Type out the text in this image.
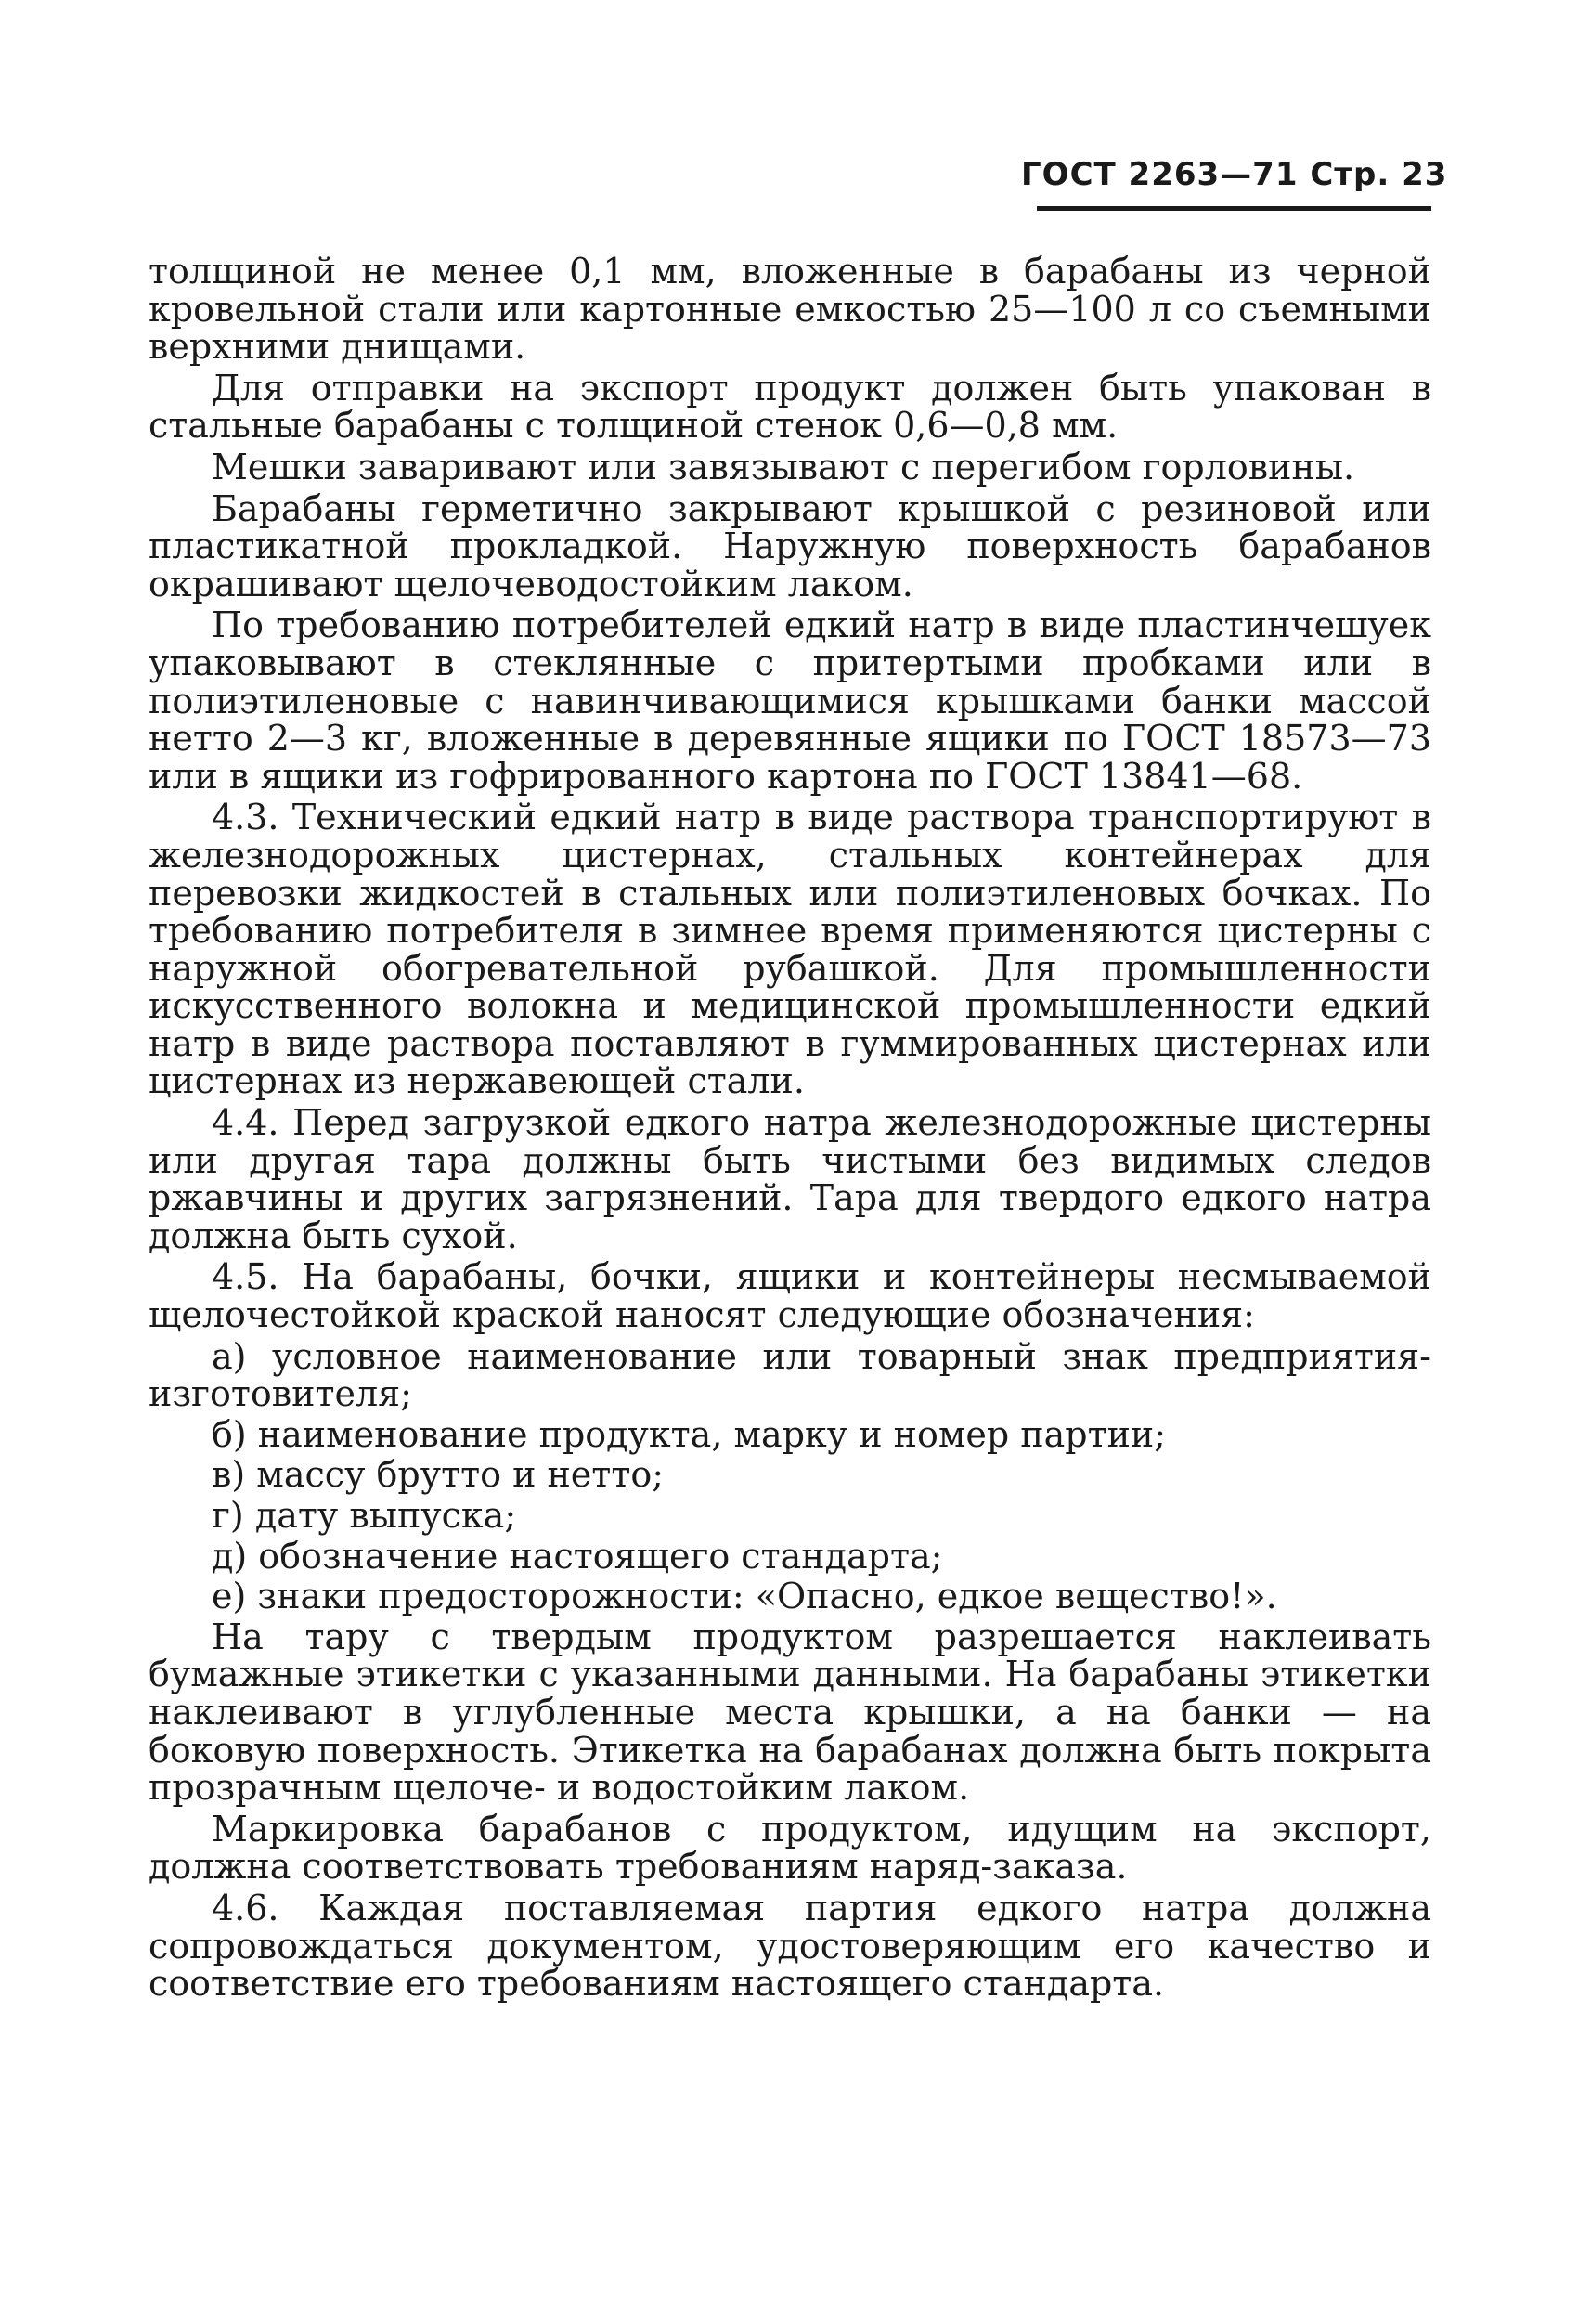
ГОСТ 2263—71 Стр. 23

толщиной не менее 0,1 мм, вложенные в барабаны из черной кровельной стали или картонные емкостью 25—100 л со съемными верхними днищами.

Для отправки на экспорт продукт должен быть упакован в стальные барабаны с толщиной стенок 0,6—0,8 мм.

Мешки заваривают или завязывают с перегибом горловины.

Барабаны герметично закрывают крышкой с резиновой или пластикатной прокладкой. Наружную поверхность барабанов окрашивают щелочеводостойким лаком.

По требованию потребителей едкий натр в виде пластинчешуек упаковывают в стеклянные с притертыми пробками или в полиэтиленовые с навинчивающимися крышками банки массой нетто 2—3 кг, вложенные в деревянные ящики по ГОСТ 18573—73 или в ящики из гофрированного картона по ГОСТ 13841—68.

4.3. Технический едкий натр в виде раствора транспортируют в железнодорожных цистернах, стальных контейнерах для перевозки жидкостей в стальных или полиэтиленовых бочках. По требованию потребителя в зимнее время применяются цистерны с наружной обогревательной рубашкой. Для промышленности искусственного волокна и медицинской промышленности едкий натр в виде раствора поставляют в гуммированных цистернах или цистернах из нержавеющей стали.

4.4. Перед загрузкой едкого натра железнодорожные цистерны или другая тара должны быть чистыми без видимых следов ржавчины и других загрязнений. Тара для твердого едкого натра должна быть сухой.

4.5. На барабаны, бочки, ящики и контейнеры несмываемой щелочестойкой краской наносят следующие обозначения:

а) условное наименование или товарный знак предприятия-изготовителя;

б) наименование продукта, марку и номер партии;

в) массу брутто и нетто;

г) дату выпуска;

д) обозначение настоящего стандарта;

е) знаки предосторожности: «Опасно, едкое вещество!».

На тару с твердым продуктом разрешается наклеивать бумажные этикетки с указанными данными. На барабаны этикетки наклеивают в углубленные места крышки, а на банки — на боковую поверхность. Этикетка на барабанах должна быть покрыта прозрачным щелоче- и водостойким лаком.

Маркировка барабанов с продуктом, идущим на экспорт, должна соответствовать требованиям наряд-заказа.

4.6. Каждая поставляемая партия едкого натра должна сопровождаться документом, удостоверяющим его качество и соответствие его требованиям настоящего стандарта.
